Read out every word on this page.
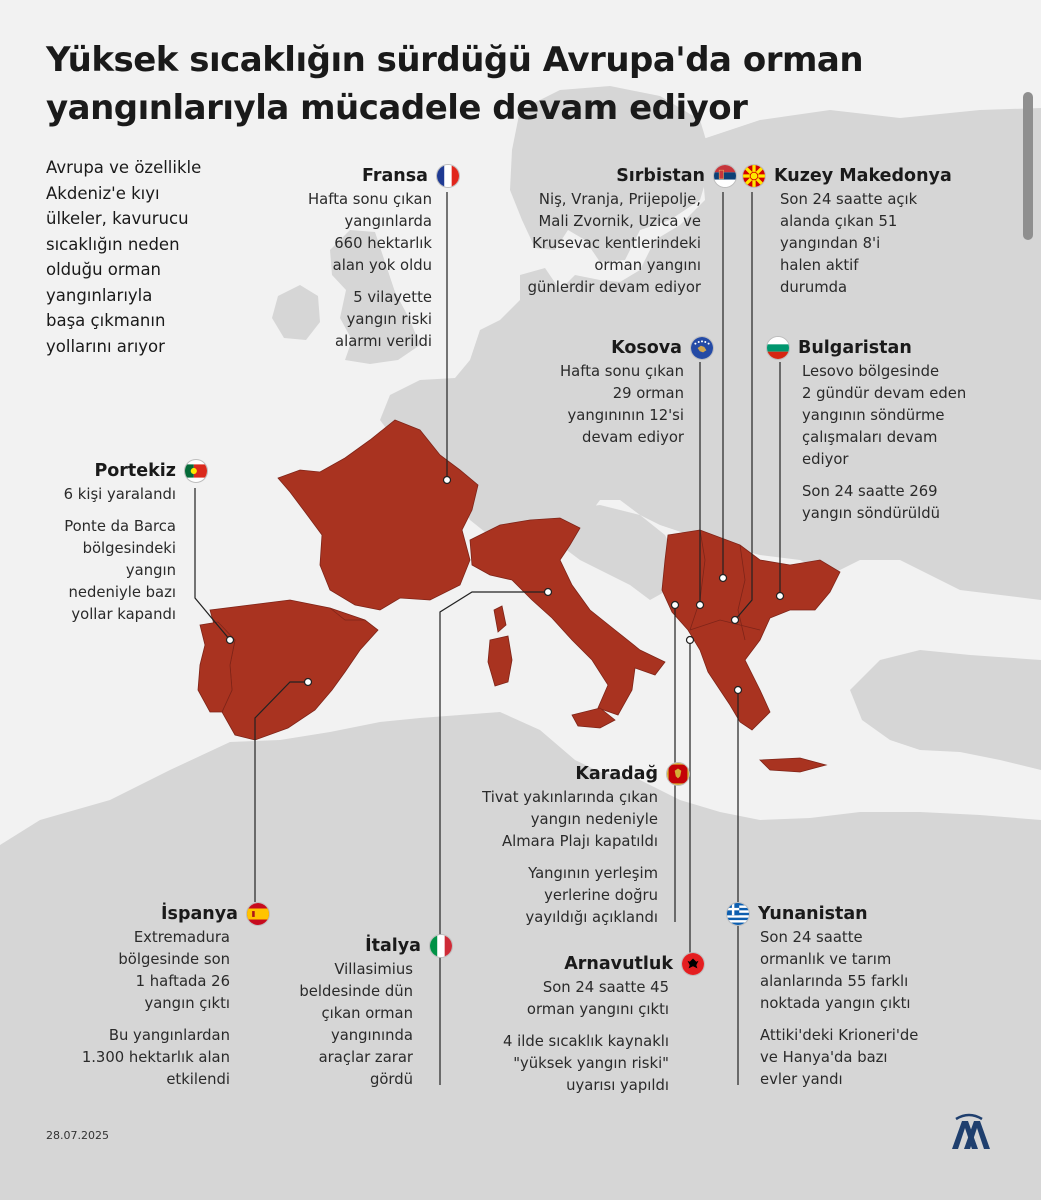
Yüksek sıcaklığın sürdüğü Avrupa'da orman
yangınlarıyla mücadele devam ediyor
Avrupa ve özellikle
Akdeniz'e kıyı
ülkeler, kavurucu
sıcaklığın neden
olduğu orman
yangınlarıyla
başa çıkmanın
yollarını arıyor
Fransa
Hafta sonu çıkan
yangınlarda
660 hektarlık
alan yok oldu
5 vilayette
yangın riski
alarmı verildi
Sırbistan
Niş, Vranja, Prijepolje,
Mali Zvornik, Uzica ve
Krusevac kentlerindeki
orman yangını
günlerdir devam ediyor
Kuzey Makedonya
Son 24 saatte açık
alanda çıkan 51
yangından 8'i
halen aktif
durumda
Kosova
Hafta sonu çıkan
29 orman
yangınının 12'si
devam ediyor
Bulgaristan
Lesovo bölgesinde
2 gündür devam eden
yangının söndürme
çalışmaları devam
ediyor
Son 24 saatte 269
yangın söndürüldü
Portekiz
6 kişi yaralandı
Ponte da Barca
bölgesindeki
yangın
nedeniyle bazı
yollar kapandı
Karadağ
Tivat yakınlarında çıkan
yangın nedeniyle
Almara Plajı kapatıldı
Yangının yerleşim
yerlerine doğru
yayıldığı açıklandı
İspanya
Extremadura
bölgesinde son
1 haftada 26
yangın çıktı
Bu yangınlardan
1.300 hektarlık alan
etkilendi
İtalya
Villasimius
beldesinde dün
çıkan orman
yangınında
araçlar zarar
gördü
Arnavutluk
Son 24 saatte 45
orman yangını çıktı
4 ilde sıcaklık kaynaklı
"yüksek yangın riski"
uyarısı yapıldı
Yunanistan
Son 24 saatte
ormanlık ve tarım
alanlarında 55 farklı
noktada yangın çıktı
Attiki'deki Krioneri'de
ve Hanya'da bazı
evler yandı
28.07.2025
